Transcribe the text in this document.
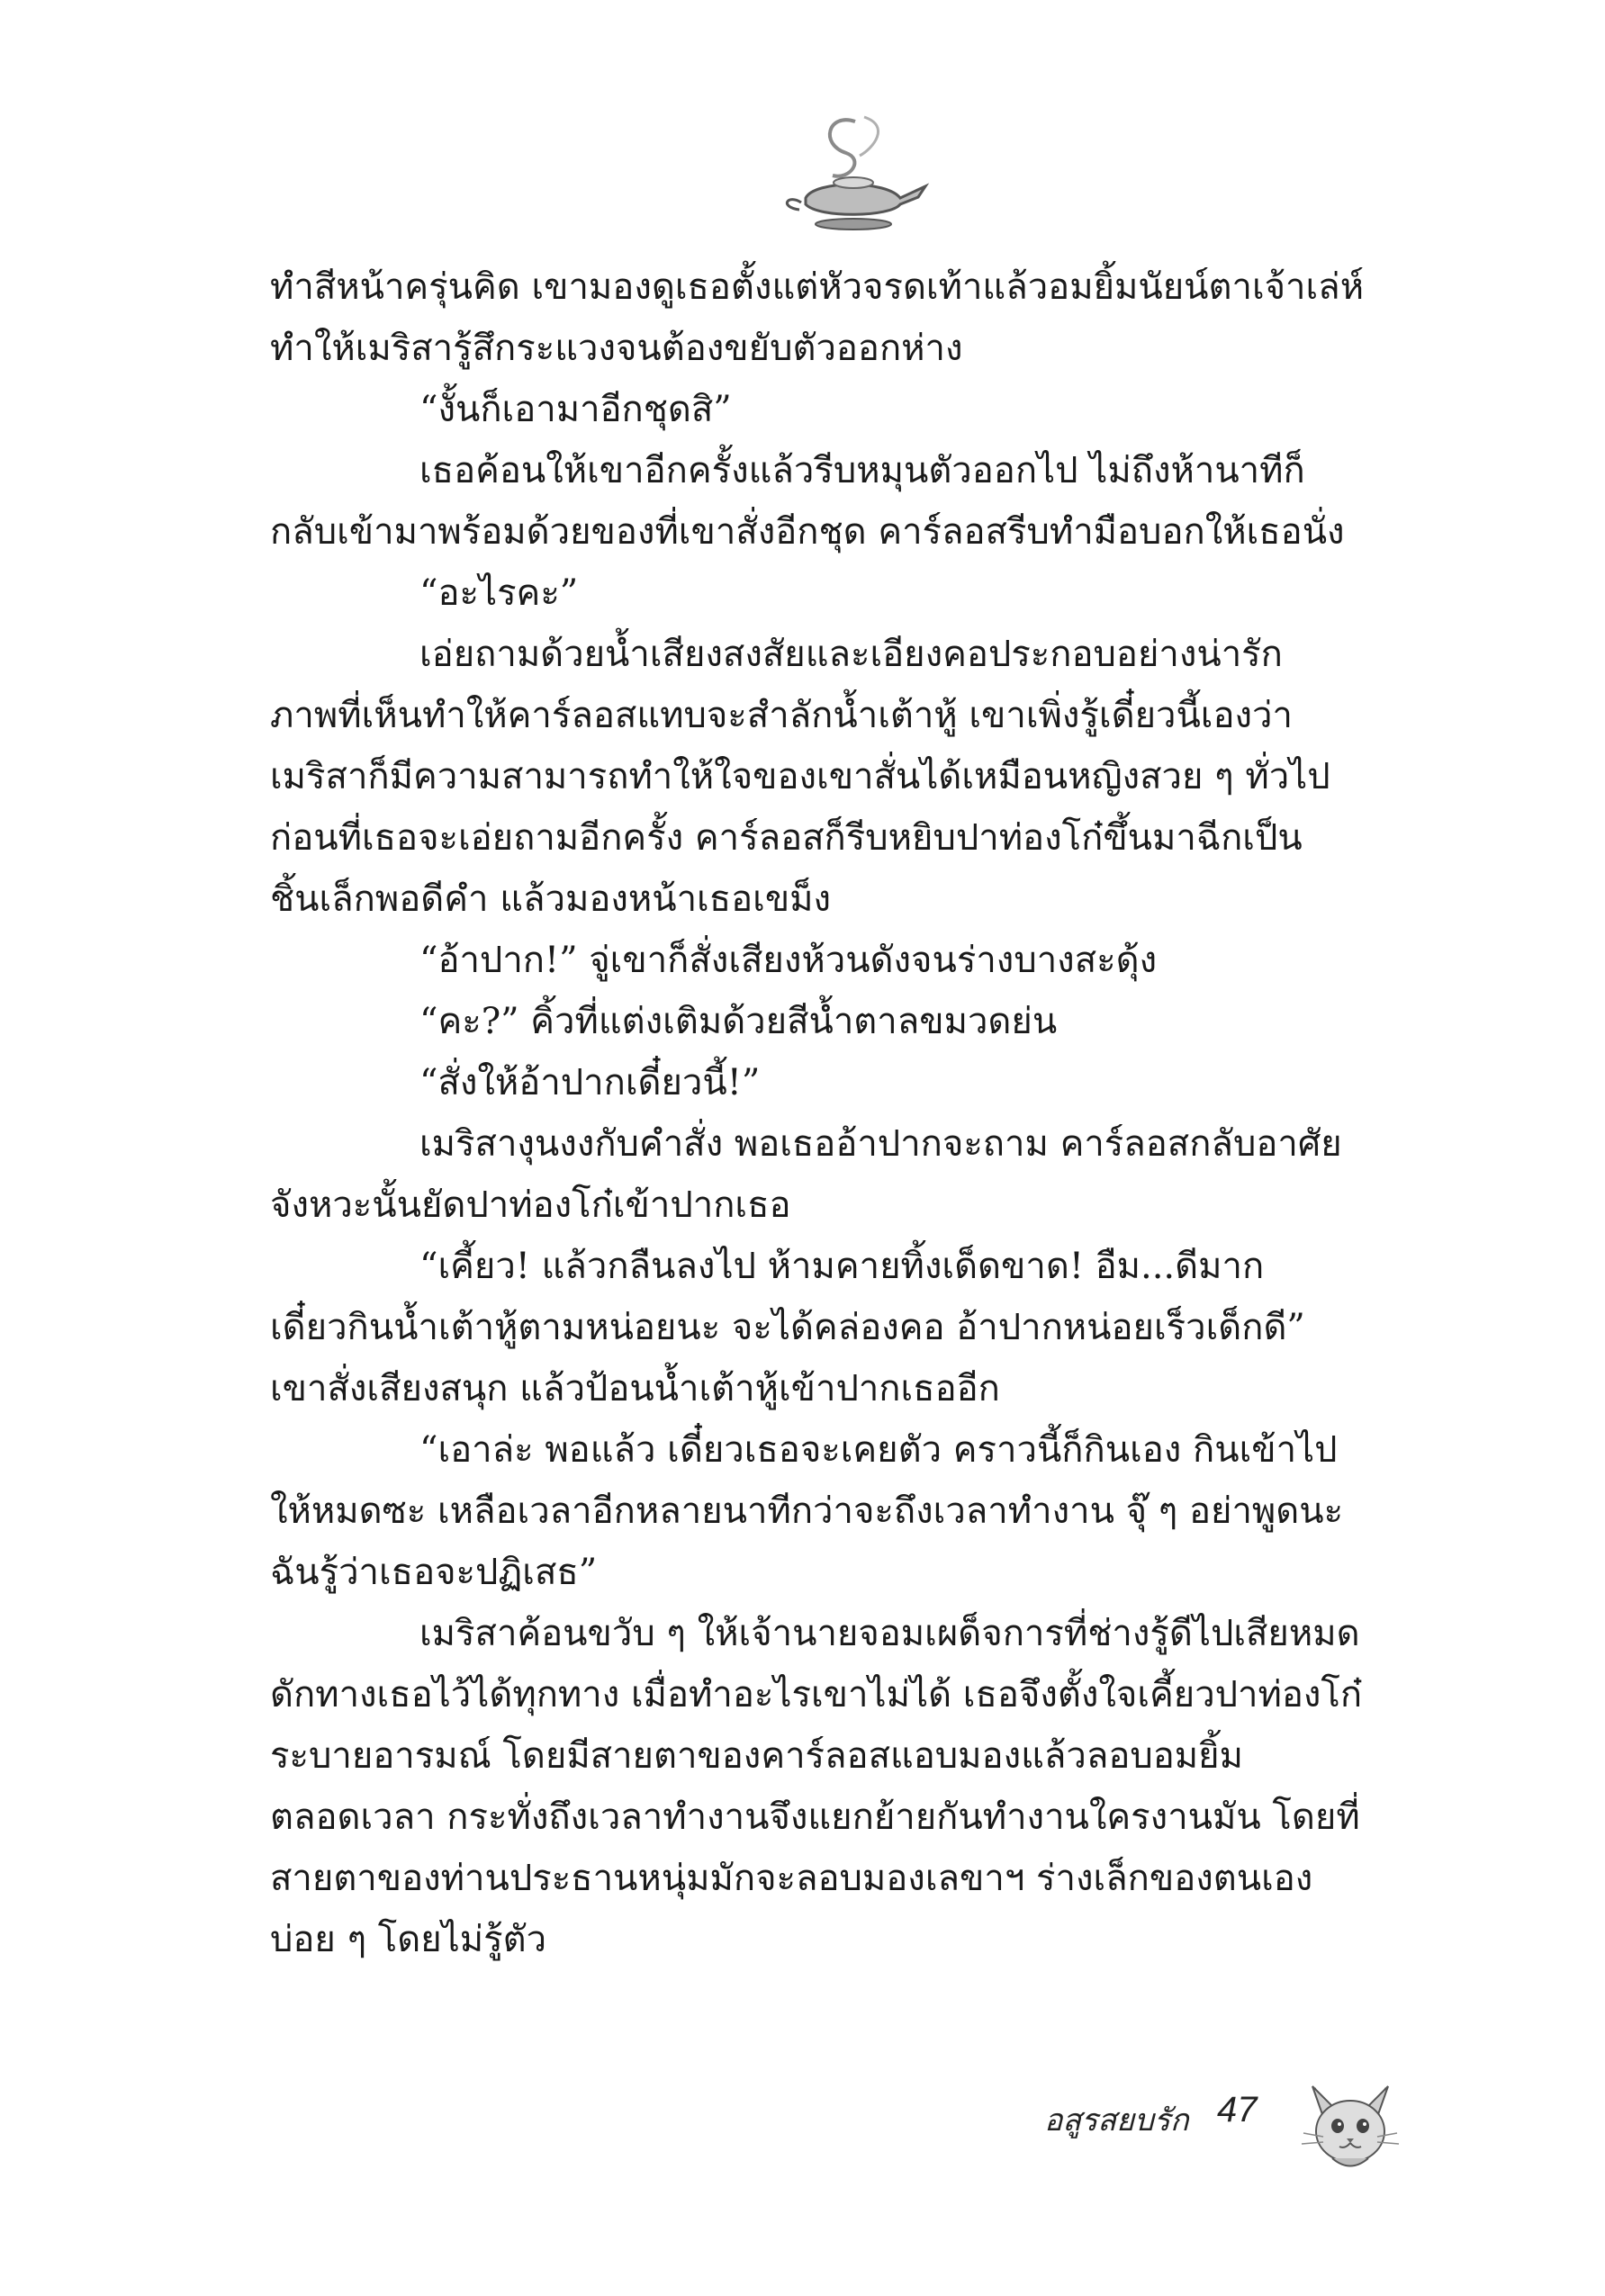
ทำสีหน้าครุ่นคิด เขามองดูเธอตั้งแต่หัวจรดเท้าแล้วอมยิ้มนัยน์ตาเจ้าเล่ห์
ทำให้เมริสารู้สึกระแวงจนต้องขยับตัวออกห่าง
“งั้นก็เอามาอีกชุดสิ”
เธอค้อนให้เขาอีกครั้งแล้วรีบหมุนตัวออกไป ไม่ถึงห้านาทีก็
กลับเข้ามาพร้อมด้วยของที่เขาสั่งอีกชุด คาร์ลอสรีบทำมือบอกให้เธอนั่ง
“อะไรคะ”
เอ่ยถามด้วยน้ำเสียงสงสัยและเอียงคอประกอบอย่างน่ารัก
ภาพที่เห็นทำให้คาร์ลอสแทบจะสำลักน้ำเต้าหู้ เขาเพิ่งรู้เดี๋ยวนี้เองว่า
เมริสาก็มีความสามารถทำให้ใจของเขาสั่นได้เหมือนหญิงสวย ๆ ทั่วไป
ก่อนที่เธอจะเอ่ยถามอีกครั้ง คาร์ลอสก็รีบหยิบปาท่องโก๋ขึ้นมาฉีกเป็น
ชิ้นเล็กพอดีคำ แล้วมองหน้าเธอเขม็ง
“อ้าปาก!” จู่เขาก็สั่งเสียงห้วนดังจนร่างบางสะดุ้ง
“คะ?” คิ้วที่แต่งเติมด้วยสีน้ำตาลขมวดย่น
“สั่งให้อ้าปากเดี๋ยวนี้!”
เมริสางุนงงกับคำสั่ง พอเธออ้าปากจะถาม คาร์ลอสกลับอาศัย
จังหวะนั้นยัดปาท่องโก๋เข้าปากเธอ
“เคี้ยว! แล้วกลืนลงไป ห้ามคายทิ้งเด็ดขาด! อืม...ดีมาก
เดี๋ยวกินน้ำเต้าหู้ตามหน่อยนะ จะได้คล่องคอ อ้าปากหน่อยเร็วเด็กดี”
เขาสั่งเสียงสนุก แล้วป้อนน้ำเต้าหู้เข้าปากเธออีก
“เอาล่ะ พอแล้ว เดี๋ยวเธอจะเคยตัว คราวนี้ก็กินเอง กินเข้าไป
ให้หมดซะ เหลือเวลาอีกหลายนาทีกว่าจะถึงเวลาทำงาน จุ๊ ๆ อย่าพูดนะ
ฉันรู้ว่าเธอจะปฏิเสธ”
เมริสาค้อนขวับ ๆ ให้เจ้านายจอมเผด็จการที่ช่างรู้ดีไปเสียหมด
ดักทางเธอไว้ได้ทุกทาง เมื่อทำอะไรเขาไม่ได้ เธอจึงตั้งใจเคี้ยวปาท่องโก๋
ระบายอารมณ์ โดยมีสายตาของคาร์ลอสแอบมองแล้วลอบอมยิ้ม
ตลอดเวลา กระทั่งถึงเวลาทำงานจึงแยกย้ายกันทำงานใครงานมัน โดยที่
สายตาของท่านประธานหนุ่มมักจะลอบมองเลขาฯ ร่างเล็กของตนเอง
บ่อย ๆ โดยไม่รู้ตัว
อสูรสยบรัก 47
